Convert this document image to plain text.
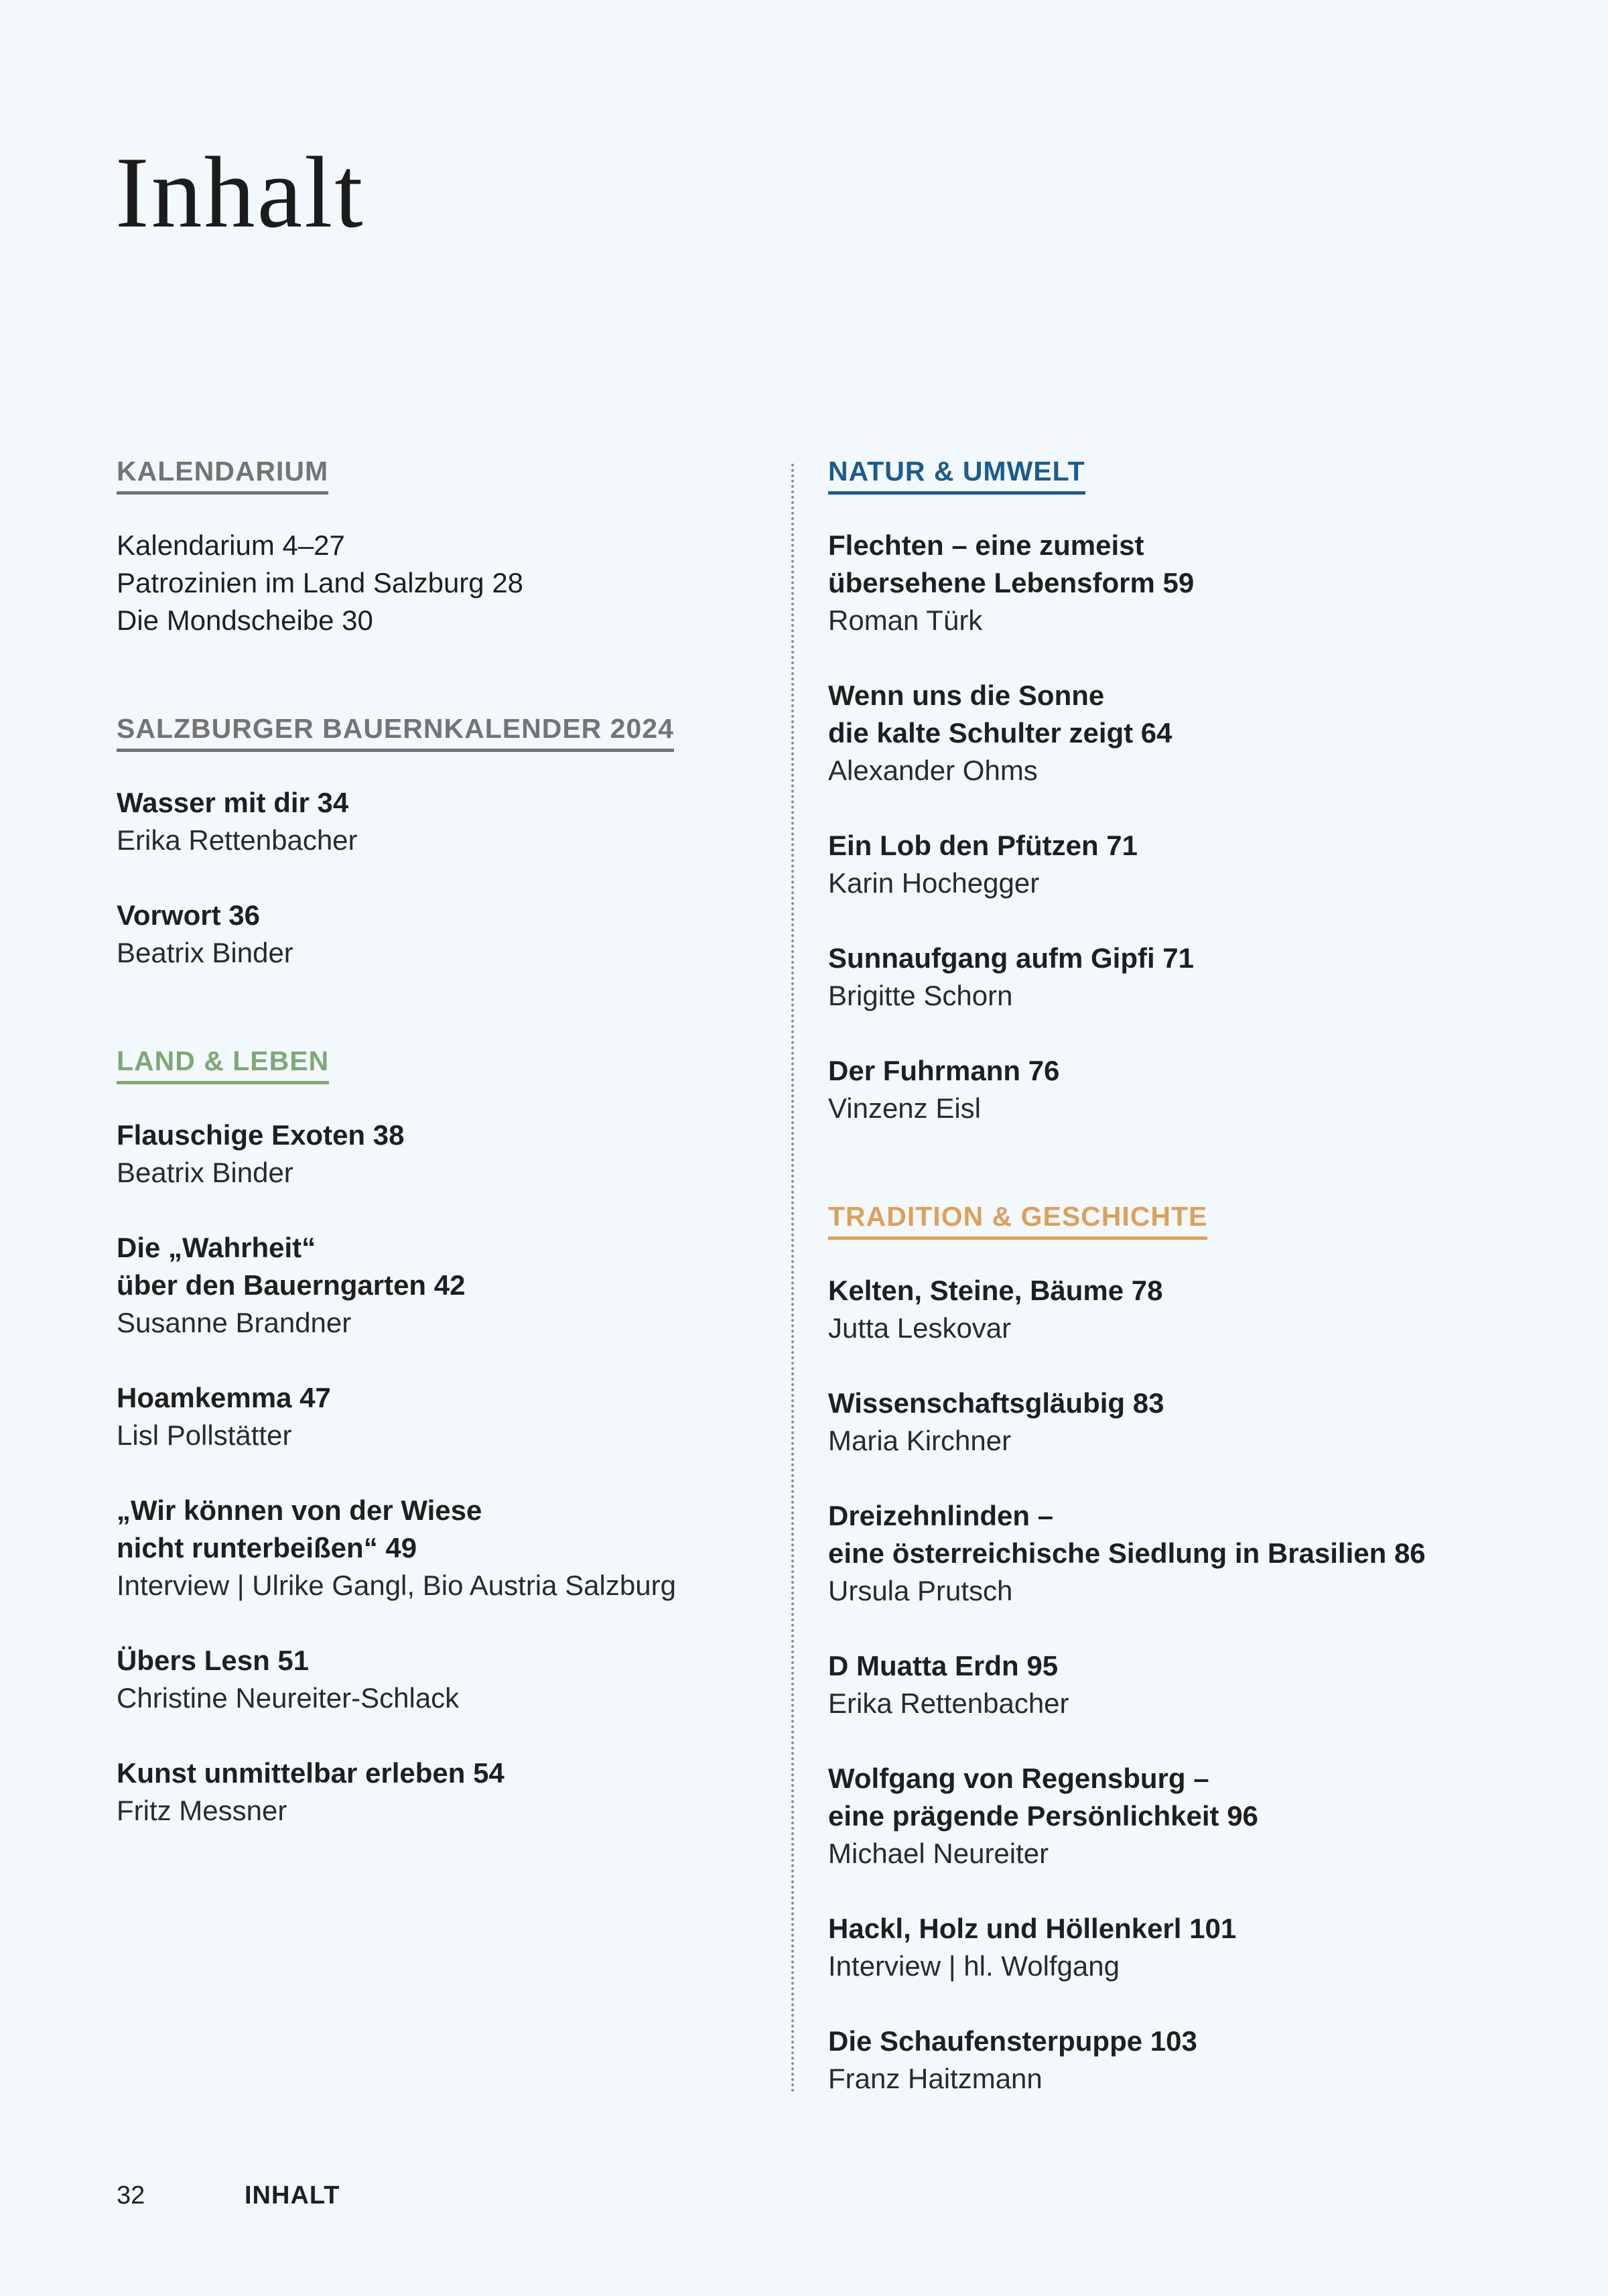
Inhalt
KALENDARIUM
Kalendarium 4–27
Patrozinien im Land Salzburg 28
Die Mondscheibe 30
SALZBURGER BAUERNKALENDER 2024
Wasser mit dir 34
Erika Rettenbacher
Vorwort 36
Beatrix Binder
LAND & LEBEN
Flauschige Exoten 38
Beatrix Binder
Die „Wahrheit“
über den Bauerngarten 42
Susanne Brandner
Hoamkemma 47
Lisl Pollstätter
„Wir können von der Wiese
nicht runterbeißen“ 49
Interview | Ulrike Gangl, Bio Austria Salzburg
Übers Lesn 51
Christine Neureiter-Schlack
Kunst unmittelbar erleben 54
Fritz Messner
NATUR & UMWELT
Flechten – eine zumeist
übersehene Lebensform 59
Roman Türk
Wenn uns die Sonne
die kalte Schulter zeigt 64
Alexander Ohms
Ein Lob den Pfützen 71
Karin Hochegger
Sunnaufgang aufm Gipfi 71
Brigitte Schorn
Der Fuhrmann 76
Vinzenz Eisl
TRADITION & GESCHICHTE
Kelten, Steine, Bäume 78
Jutta Leskovar
Wissenschaftsgläubig 83
Maria Kirchner
Dreizehnlinden –
eine österreichische Siedlung in Brasilien 86
Ursula Prutsch
D Muatta Erdn 95
Erika Rettenbacher
Wolfgang von Regensburg –
eine prägende Persönlichkeit 96
Michael Neureiter
Hackl, Holz und Höllenkerl 101
Interview | hl. Wolfgang
Die Schaufensterpuppe 103
Franz Haitzmann
32	INHALT
